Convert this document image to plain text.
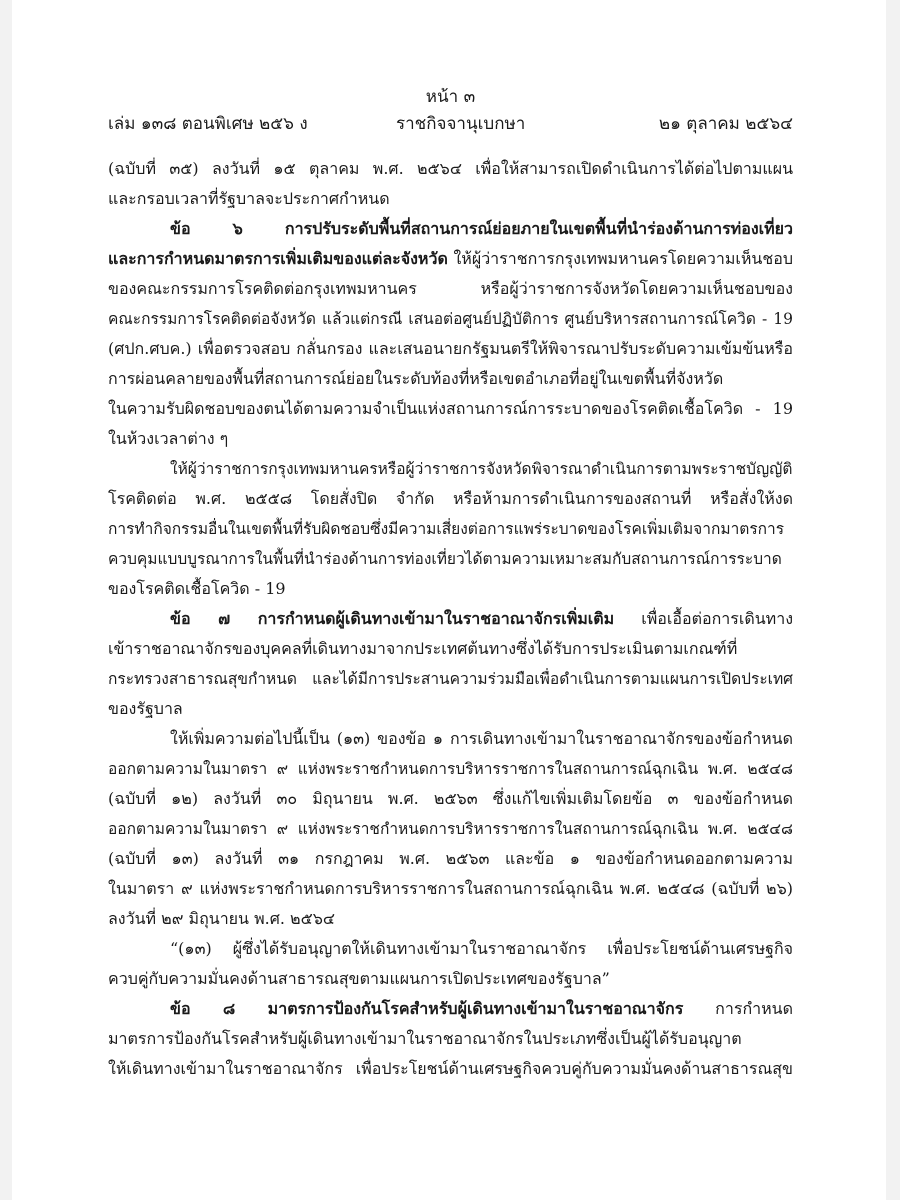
หน้า ๓
เล่ม ๑๓๘ ตอนพิเศษ ๒๕๖ ง	ราชกิจจานุเบกษา	๒๑ ตุลาคม ๒๕๖๔
(ฉบับที่ ๓๕) ลงวันที่ ๑๕ ตุลาคม พ.ศ. ๒๕๖๔ เพื่อให้สามารถเปิดดำเนินการได้ต่อไปตามแผน
และกรอบเวลาที่รัฐบาลจะประกาศกำหนด
ข้อ ๖ การปรับระดับพื้นที่สถานการณ์ย่อยภายในเขตพื้นที่นำร่องด้านการท่องเที่ยว
และการกำหนดมาตรการเพิ่มเติมของแต่ละจังหวัด ให้ผู้ว่าราชการกรุงเทพมหานครโดยความเห็นชอบ
ของคณะกรรมการโรคติดต่อกรุงเทพมหานคร หรือผู้ว่าราชการจังหวัดโดยความเห็นชอบของ
คณะกรรมการโรคติดต่อจังหวัด แล้วแต่กรณี เสนอต่อศูนย์ปฏิบัติการ ศูนย์บริหารสถานการณ์โควิด - 19
(ศปก.ศบค.) เพื่อตรวจสอบ กลั่นกรอง และเสนอนายกรัฐมนตรีให้พิจารณาปรับระดับความเข้มข้นหรือ
การผ่อนคลายของพื้นที่สถานการณ์ย่อยในระดับท้องที่หรือเขตอำเภอที่อยู่ในเขตพื้นที่จังหวัด
ในความรับผิดชอบของตนได้ตามความจำเป็นแห่งสถานการณ์การระบาดของโรคติดเชื้อโควิด - 19
ในห้วงเวลาต่าง ๆ
ให้ผู้ว่าราชการกรุงเทพมหานครหรือผู้ว่าราชการจังหวัดพิจารณาดำเนินการตามพระราชบัญญัติ
โรคติดต่อ พ.ศ. ๒๕๕๘ โดยสั่งปิด จำกัด หรือห้ามการดำเนินการของสถานที่ หรือสั่งให้งด
การทำกิจกรรมอื่นในเขตพื้นที่รับผิดชอบซึ่งมีความเสี่ยงต่อการแพร่ระบาดของโรคเพิ่มเติมจากมาตรการ
ควบคุมแบบบูรณาการในพื้นที่นำร่องด้านการท่องเที่ยวได้ตามความเหมาะสมกับสถานการณ์การระบาด
ของโรคติดเชื้อโควิด - 19
ข้อ ๗ การกำหนดผู้เดินทางเข้ามาในราชอาณาจักรเพิ่มเติม เพื่อเอื้อต่อการเดินทาง
เข้าราชอาณาจักรของบุคคลที่เดินทางมาจากประเทศต้นทางซึ่งได้รับการประเมินตามเกณฑ์ที่
กระทรวงสาธารณสุขกำหนด และได้มีการประสานความร่วมมือเพื่อดำเนินการตามแผนการเปิดประเทศ
ของรัฐบาล
ให้เพิ่มความต่อไปนี้เป็น (๑๓) ของข้อ ๑ การเดินทางเข้ามาในราชอาณาจักรของข้อกำหนด
ออกตามความในมาตรา ๙ แห่งพระราชกำหนดการบริหารราชการในสถานการณ์ฉุกเฉิน พ.ศ. ๒๕๔๘
(ฉบับที่ ๑๒) ลงวันที่ ๓๐ มิถุนายน พ.ศ. ๒๕๖๓ ซึ่งแก้ไขเพิ่มเติมโดยข้อ ๓ ของข้อกำหนด
ออกตามความในมาตรา ๙ แห่งพระราชกำหนดการบริหารราชการในสถานการณ์ฉุกเฉิน พ.ศ. ๒๕๔๘
(ฉบับที่ ๑๓) ลงวันที่ ๓๑ กรกฎาคม พ.ศ. ๒๕๖๓ และข้อ ๑ ของข้อกำหนดออกตามความ
ในมาตรา ๙ แห่งพระราชกำหนดการบริหารราชการในสถานการณ์ฉุกเฉิน พ.ศ. ๒๕๔๘ (ฉบับที่ ๒๖)
ลงวันที่ ๒๙ มิถุนายน พ.ศ. ๒๕๖๔
“(๑๓) ผู้ซึ่งได้รับอนุญาตให้เดินทางเข้ามาในราชอาณาจักร เพื่อประโยชน์ด้านเศรษฐกิจ
ควบคู่กับความมั่นคงด้านสาธารณสุขตามแผนการเปิดประเทศของรัฐบาล”
ข้อ ๘ มาตรการป้องกันโรคสำหรับผู้เดินทางเข้ามาในราชอาณาจักร การกำหนด
มาตรการป้องกันโรคสำหรับผู้เดินทางเข้ามาในราชอาณาจักรในประเภทซึ่งเป็นผู้ได้รับอนุญาต
ให้เดินทางเข้ามาในราชอาณาจักร เพื่อประโยชน์ด้านเศรษฐกิจควบคู่กับความมั่นคงด้านสาธารณสุข
